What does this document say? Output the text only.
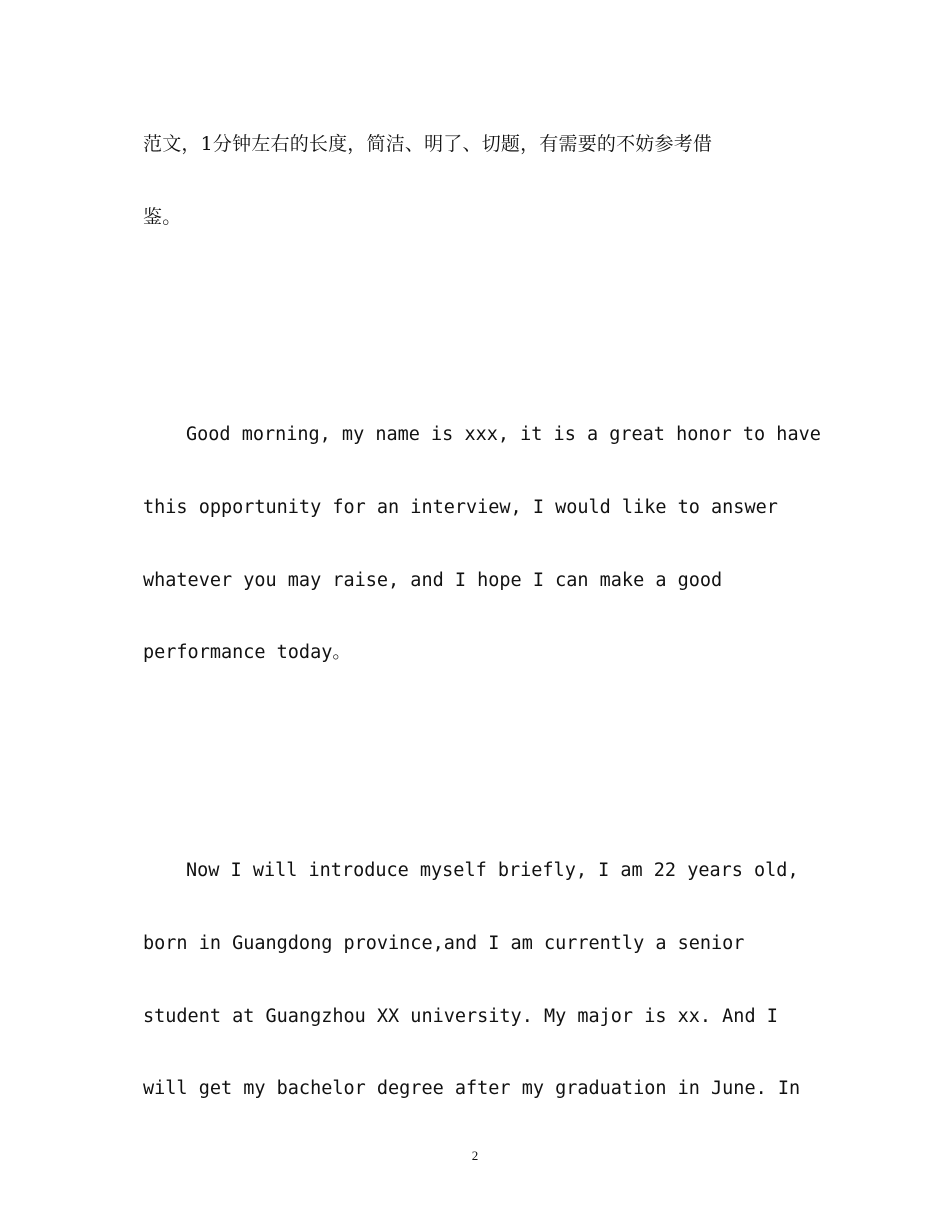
范文，1分钟左右的长度，简洁、明了、切题，有需要的不妨参考借
鉴。
Good morning, my name is xxx, it is a great honor to have
this opportunity for an interview, I would like to answer
whatever you may raise, and I hope I can make a good
performance today。
Now I will introduce myself briefly, I am 22 years old,
born in Guangdong province,and I am currently a senior
student at Guangzhou XX university. My major is xx. And I
will get my bachelor degree after my graduation in June. In
2
